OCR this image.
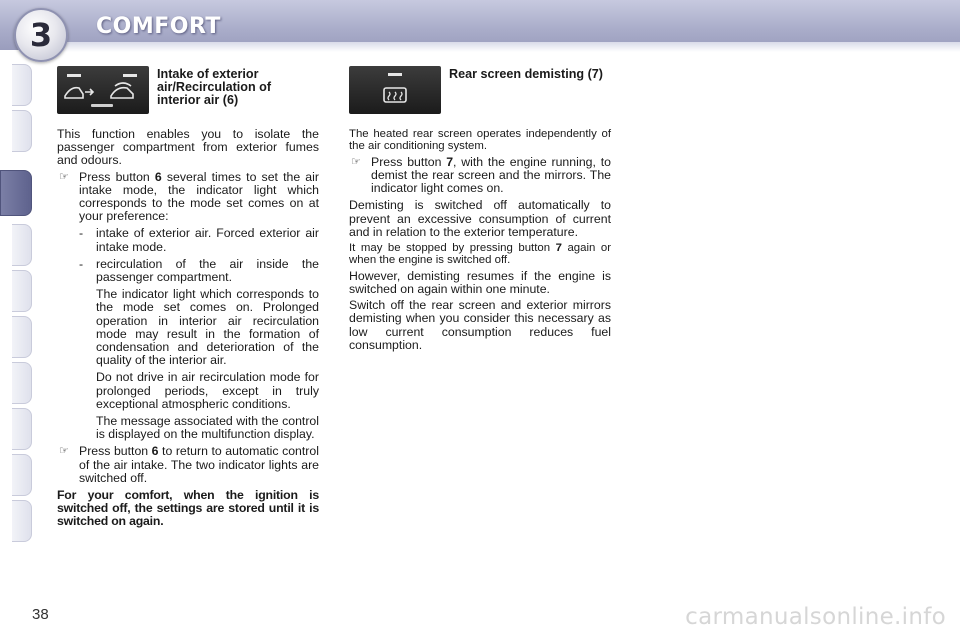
3 COMFORT
Intake of exterior air/Recirculation of interior air (6)

This function enables you to isolate the passenger compartment from exterior fumes and odours.

☞ Press button 6 several times to set the air intake mode, the indicator light which corresponds to the mode set comes on at your preference:
- intake of exterior air. Forced exterior air intake mode.
- recirculation of the air inside the passenger compartment.

The indicator light which corresponds to the mode set comes on. Prolonged operation in interior air recirculation mode may result in the formation of condensation and deterioration of the quality of the interior air.

Do not drive in air recirculation mode for prolonged periods, except in truly exceptional atmospheric conditions.

The message associated with the control is displayed on the multifunction display.

☞ Press button 6 to return to automatic control of the air intake. The two indicator lights are switched off.

For your comfort, when the ignition is switched off, the settings are stored until it is switched on again.

Rear screen demisting (7)

The heated rear screen operates independently of the air conditioning system.

☞ Press button 7, with the engine running, to demist the rear screen and the mirrors. The indicator light comes on.

Demisting is switched off automatically to prevent an excessive consumption of current and in relation to the exterior temperature.

It may be stopped by pressing button 7 again or when the engine is switched off.

However, demisting resumes if the engine is switched on again within one minute.

Switch off the rear screen and exterior mirrors demisting when you consider this necessary as low current consumption reduces fuel consumption.

38	carmanualsonline.info
